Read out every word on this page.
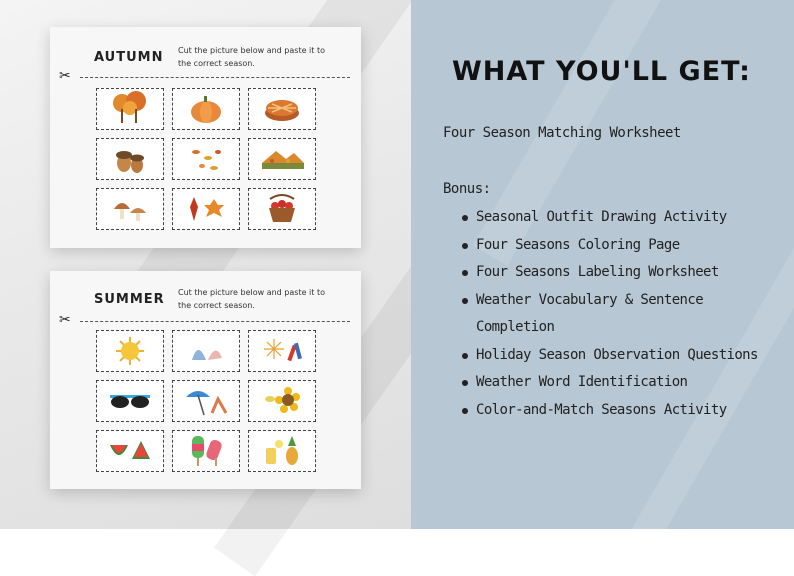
AUTUMN Cut the picture below and paste it to the correct season.
✂
SUMMER Cut the picture below and paste it to the correct season.
✂
WHAT YOU'LL GET:
Four Season Matching Worksheet
Bonus:
Seasonal Outfit Drawing Activity
Four Seasons Coloring Page
Four Seasons Labeling Worksheet
Weather Vocabulary & Sentence Completion
Holiday Season Observation Questions
Weather Word Identification
Color-and-Match Seasons Activity
